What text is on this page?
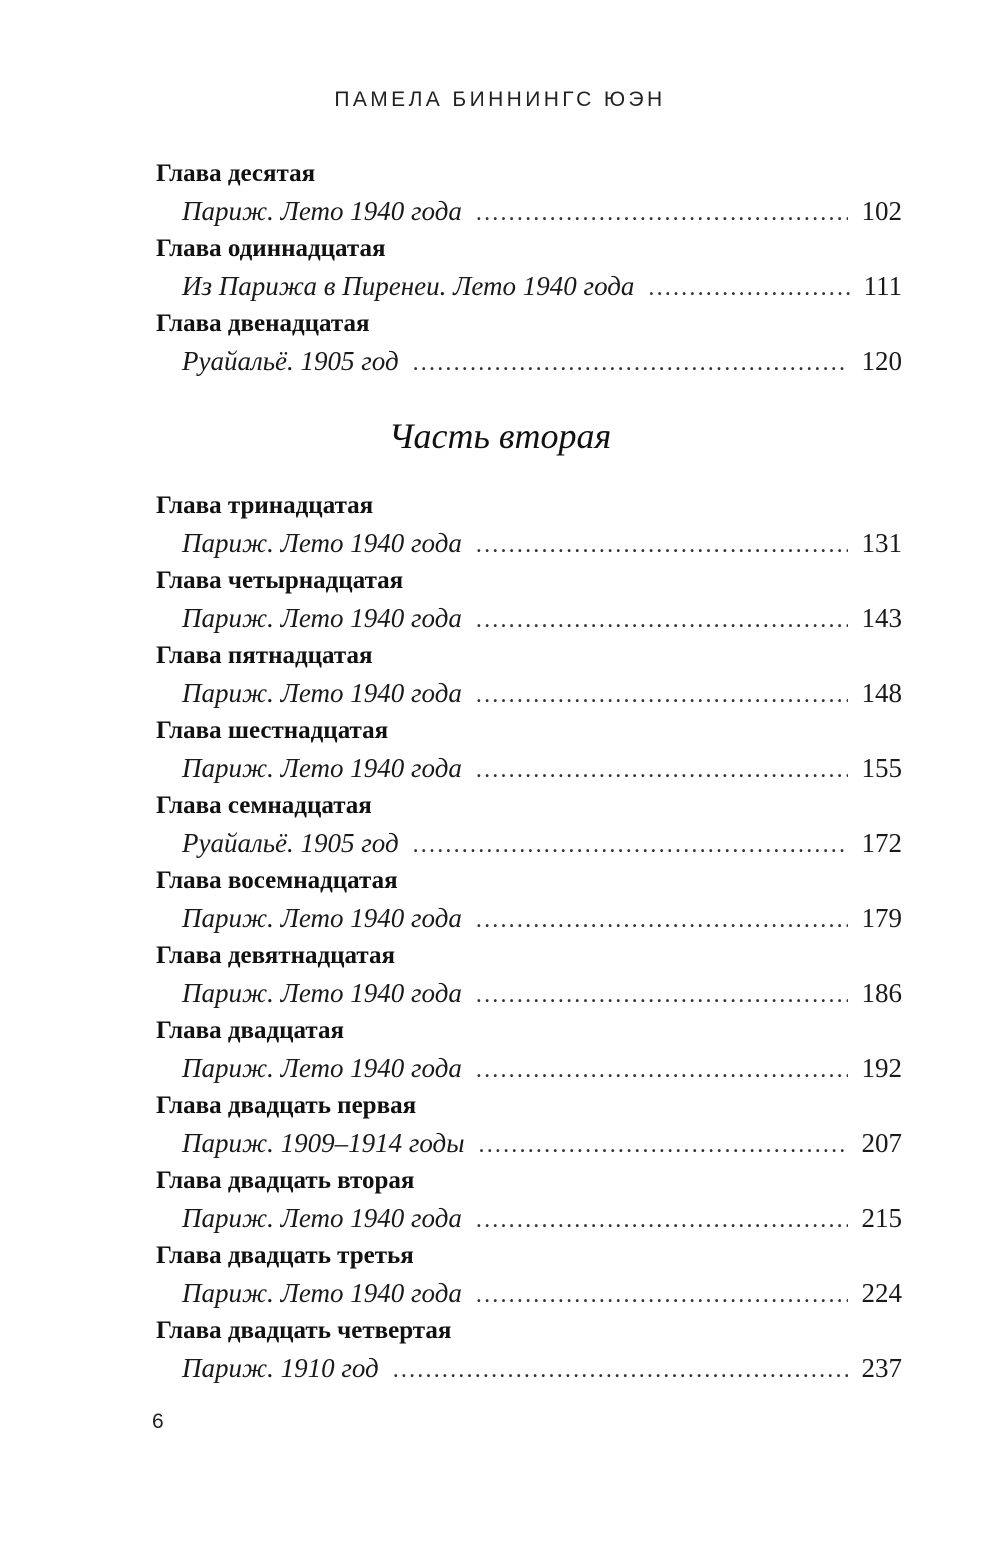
ПАМЕЛА БИННИНГС ЮЭН
Глава десятая
Париж. Лето 1940 года . . .	102
Глава одиннадцатая
Из Парижа в Пиренеи. Лето 1940 года . . .	111
Глава двенадцатая
Руайальё. 1905 год . . .	120
Часть вторая
Глава тринадцатая
Париж. Лето 1940 года . . .	131
Глава четырнадцатая
Париж. Лето 1940 года . . .	143
Глава пятнадцатая
Париж. Лето 1940 года . . .	148
Глава шестнадцатая
Париж. Лето 1940 года . . .	155
Глава семнадцатая
Руайальё. 1905 год . . .	172
Глава восемнадцатая
Париж. Лето 1940 года . . .	179
Глава девятнадцатая
Париж. Лето 1940 года . . .	186
Глава двадцатая
Париж. Лето 1940 года . . .	192
Глава двадцать первая
Париж. 1909–1914 годы . . .	207
Глава двадцать вторая
Париж. Лето 1940 года . . .	215
Глава двадцать третья
Париж. Лето 1940 года . . .	224
Глава двадцать четвертая
Париж. 1910 год . . .	237
6
